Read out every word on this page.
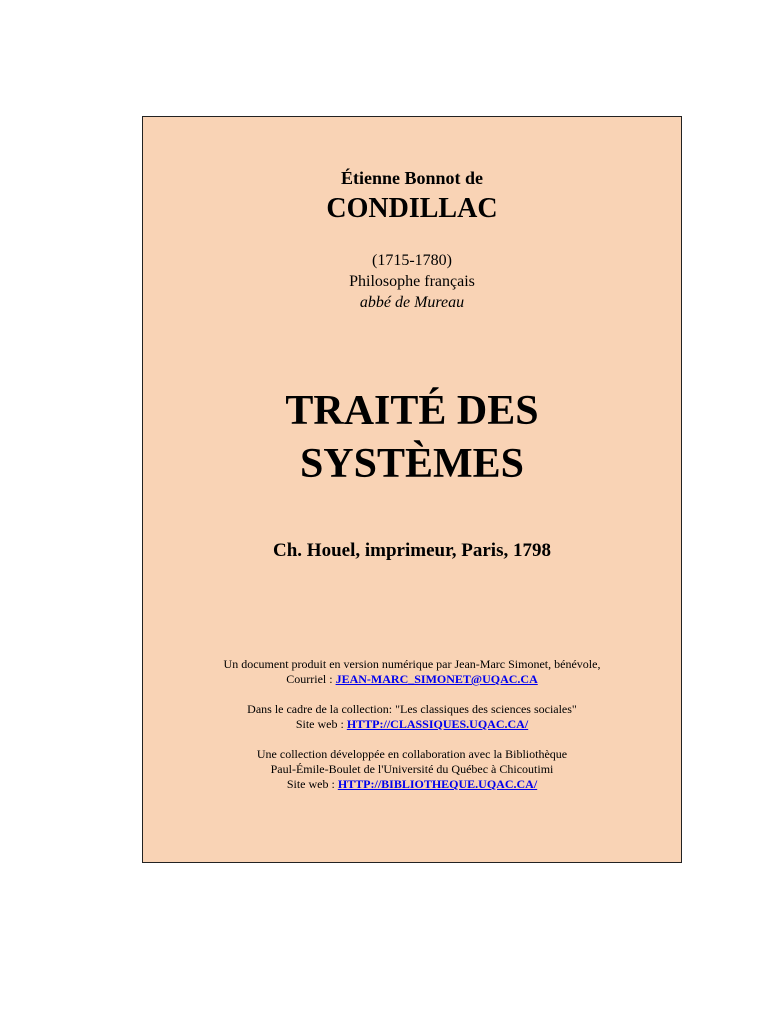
Étienne Bonnot de
CONDILLAC
(1715-1780)
Philosophe français
abbé de Mureau
TRAITÉ DES
SYSTÈMES
Ch. Houel, imprimeur, Paris, 1798
Un document produit en version numérique par Jean-Marc Simonet, bénévole,
Courriel : JEAN-MARC_SIMONET@UQAC.CA
Dans le cadre de la collection: "Les classiques des sciences sociales"
Site web : HTTP://CLASSIQUES.UQAC.CA/
Une collection développée en collaboration avec la Bibliothèque
Paul-Émile-Boulet de l'Université du Québec à Chicoutimi
Site web : HTTP://BIBLIOTHEQUE.UQAC.CA/
